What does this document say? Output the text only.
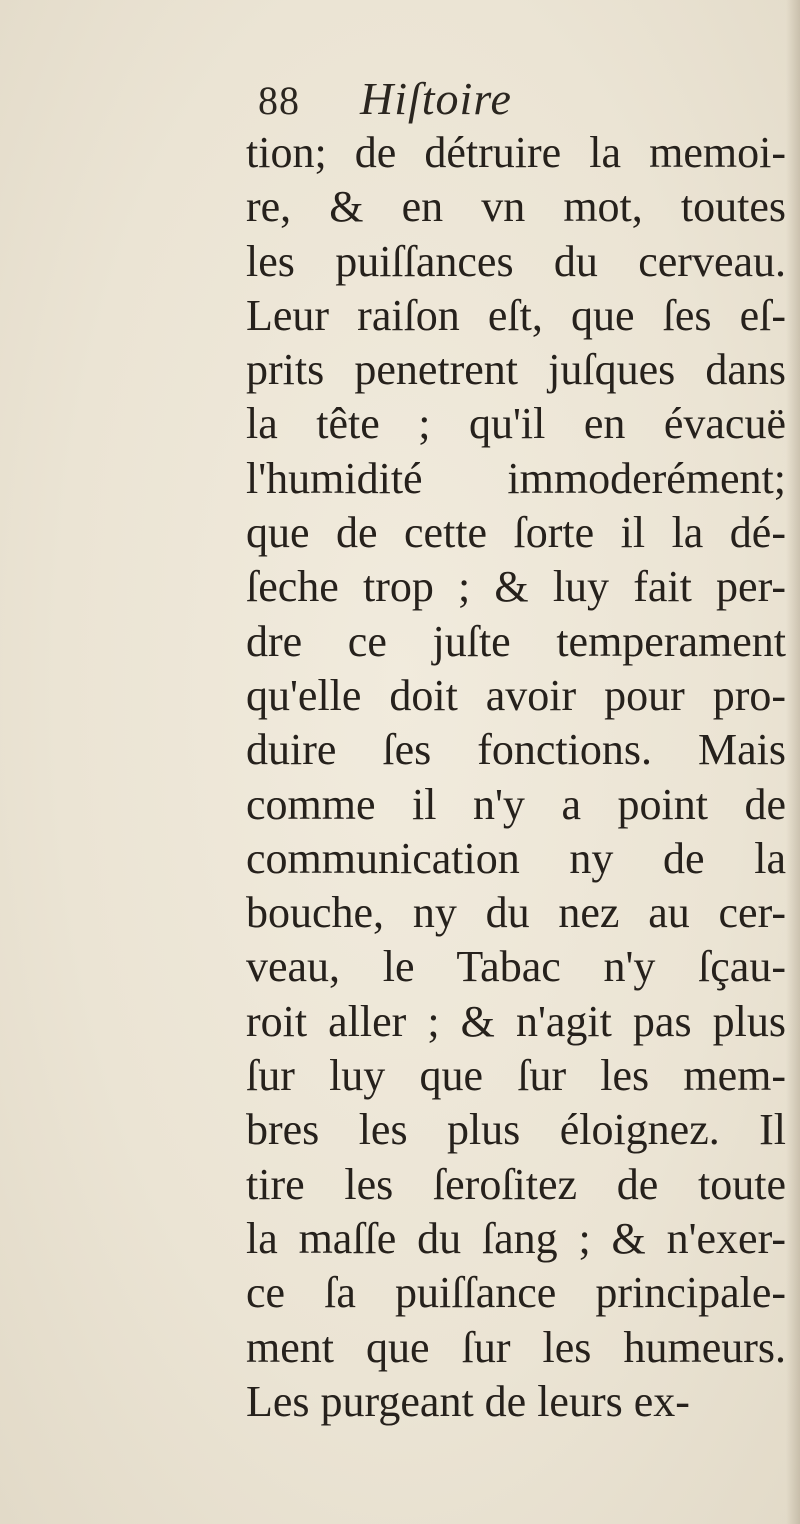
88 Hiſtoire
tion; de détruire la memoi-
re, & en vn mot, toutes
les puiſſances du cerveau.
Leur raiſon eſt, que ſes eſ-
prits penetrent juſques dans
la tête ; qu'il en évacuë
l'humidité immoderément;
que de cette ſorte il la dé-
ſeche trop ; & luy fait per-
dre ce juſte temperament
qu'elle doit avoir pour pro-
duire ſes fonctions. Mais
comme il n'y a point de
communication ny de la
bouche, ny du nez au cer-
veau, le Tabac n'y ſçau-
roit aller ; & n'agit pas plus
ſur luy que ſur les mem-
bres les plus éloignez. Il
tire les ſeroſitez de toute
la maſſe du ſang ; & n'exer-
ce ſa puiſſance principale-
ment que ſur les humeurs.
Les purgeant de leurs ex-
